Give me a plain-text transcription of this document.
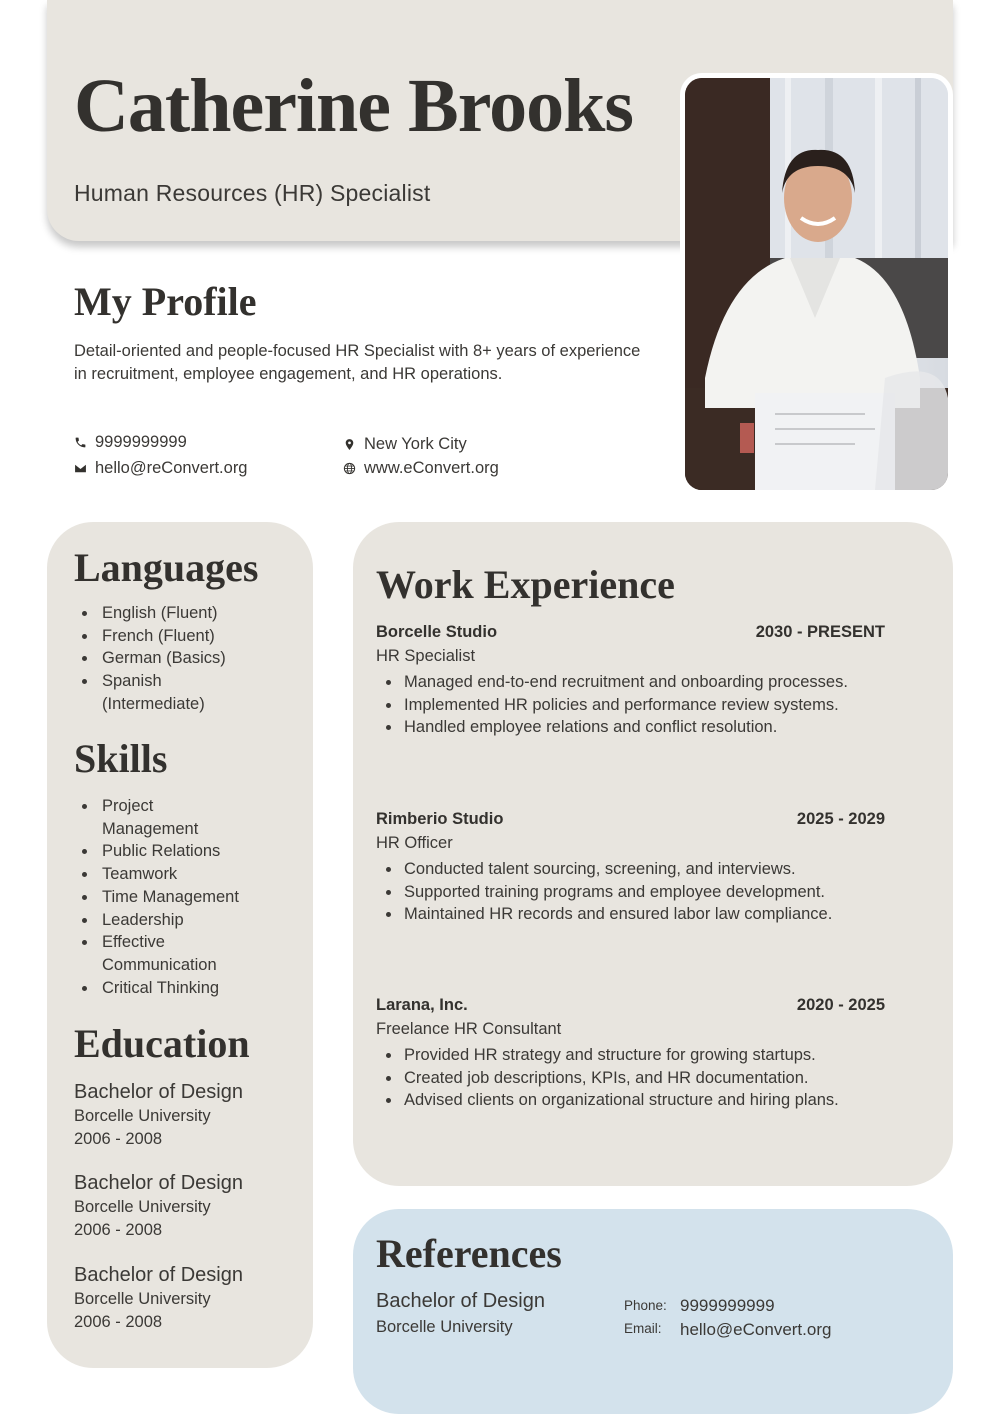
Catherine Brooks
Human Resources (HR) Specialist
My Profile

Detail-oriented and people-focused HR Specialist with 8+ years of experience in recruitment, employee engagement, and HR operations.

9999999999
hello@reConvert.org
New York City
www.eConvert.org
Languages
English (Fluent)
French (Fluent)
German (Basics)
Spanish (Intermediate)
Skills
Project Management
Public Relations
Teamwork
Time Management
Leadership
Effective Communication
Critical Thinking
Education
Bachelor of Design
Borcelle University
2006 - 2008
Bachelor of Design
Borcelle University
2006 - 2008
Bachelor of Design
Borcelle University
2006 - 2008
Work Experience
Borcelle Studio	2030 - PRESENT
HR Specialist
Managed end-to-end recruitment and onboarding processes.
Implemented HR policies and performance review systems.
Handled employee relations and conflict resolution.
Rimberio Studio	2025 - 2029
HR Officer
Conducted talent sourcing, screening, and interviews.
Supported training programs and employee development.
Maintained HR records and ensured labor law compliance.
Larana, Inc.	2020 - 2025
Freelance HR Consultant
Provided HR strategy and structure for growing startups.
Created job descriptions, KPIs, and HR documentation.
Advised clients on organizational structure and hiring plans.
References
Bachelor of Design
Borcelle University
Phone: 9999999999
Email: hello@eConvert.org
